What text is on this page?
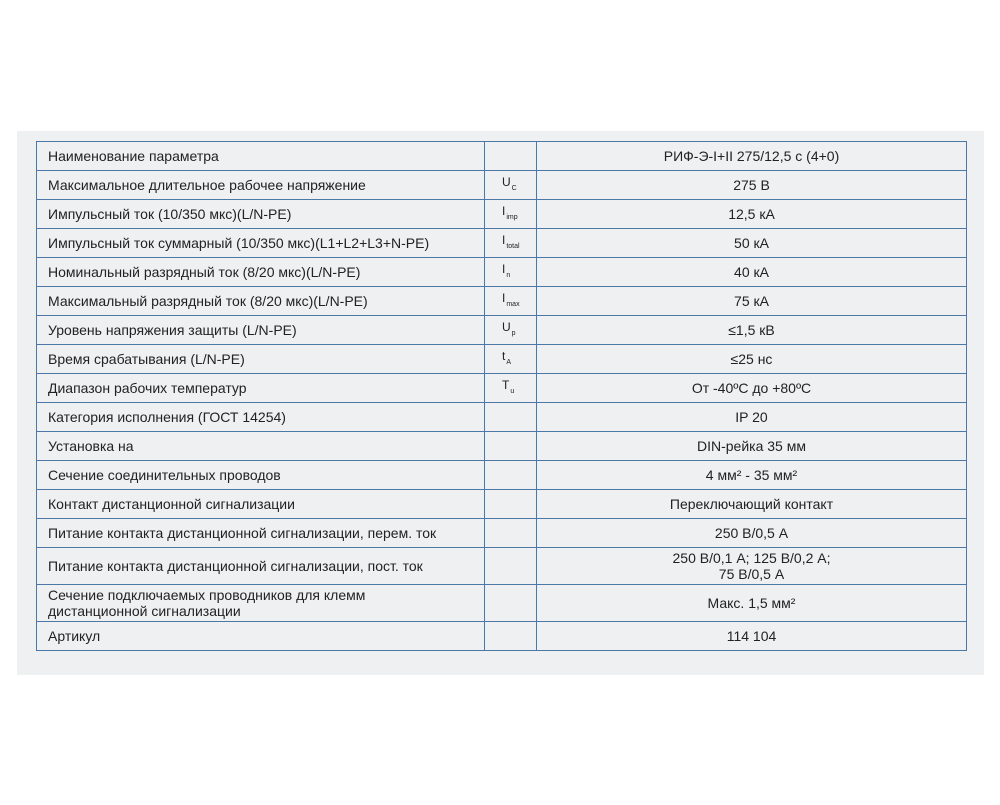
Наименование параметра		РИФ-Э-I+II 275/12,5 с (4+0)
Максимальное длительное рабочее напряжение	$U_C$	275 В
Импульсный ток (10/350 мкс)(L/N-PE)	$I_{imp}$	12,5 кА
Импульсный ток суммарный (10/350 мкс)(L1+L2+L3+N-PE)	$I_{total}$	50 кА
Номинальный разрядный ток (8/20 мкс)(L/N-PE)	$I_n$	40 кА
Максимальный разрядный ток (8/20 мкс)(L/N-PE)	$I_{max}$	75 кА
Уровень напряжения защиты (L/N-PE)	$U_p$	≤1,5 кВ
Время срабатывания (L/N-PE)	$t_A$	≤25 нс
Диапазон рабочих температур	$T_u$	От -40ºС до +80ºС
Категория исполнения (ГОСТ 14254)		IP 20
Установка на		DIN-рейка 35 мм
Сечение соединительных проводов		4 мм² - 35 мм²
Контакт дистанционной сигнализации		Переключающий контакт
Питание контакта дистанционной сигнализации, перем. ток		250 В/0,5 А
Питание контакта дистанционной сигнализации, пост. ток		250 В/0,1 А; 125 В/0,2 А;
75 В/0,5 А

Сечение подключаемых проводников для клемм
дистанционной сигнализации		Макс. 1,5 мм²
Артикул		114 104
